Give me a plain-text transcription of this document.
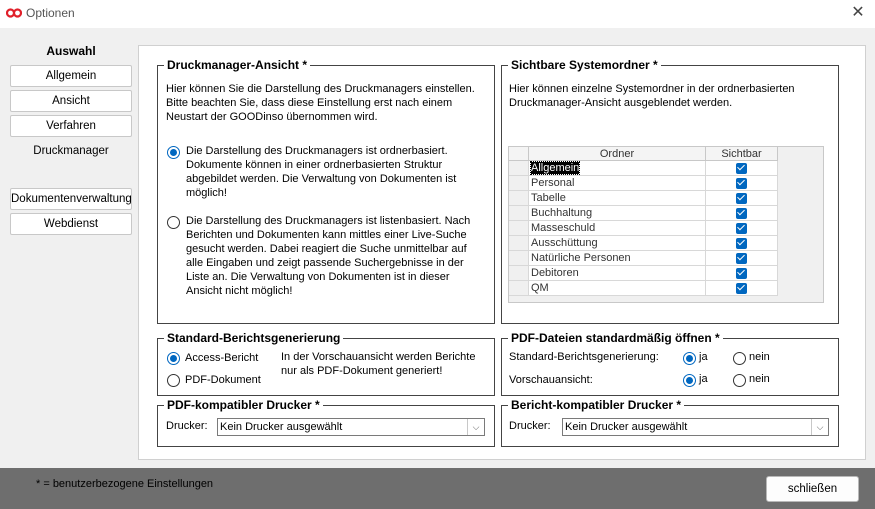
Optionen	✕
Auswahl
Allgemein
Ansicht
Verfahren
Druckmanager
Dokumentenverwaltung
Webdienst
Druckmanager-Ansicht *
Hier können Sie die Darstellung des Druckmanagers einstellen.
Bitte beachten Sie, dass diese Einstellung erst nach einem
Neustart der GOODinso übernommen wird.
Die Darstellung des Druckmanagers ist ordnerbasiert.
Dokumente können in einer ordnerbasierten Struktur
abgebildet werden. Die Verwaltung von Dokumenten ist
möglich!
Die Darstellung des Druckmanagers ist listenbasiert. Nach
Berichten und Dokumenten kann mittles einer Live-Suche
gesucht werden. Dabei reagiert die Suche unmittelbar auf
alle Eingaben und zeigt passende Suchergebnisse in der
Liste an. Die Verwaltung von Dokumenten ist in dieser
Ansicht nicht möglich!
Sichtbare Systemordner *
Hier können einzelne Systemordner in der ordnerbasierten
Druckmanager-Ansicht ausgeblendet werden.
	Ordner	Sichtbar
	Allgemein	
	Personal	
	Tabelle	
	Buchhaltung	
	Masseschuld	
	Ausschüttung	
	Natürliche Personen	
	Debitoren	
	QM	
Standard-Berichtsgenerierung
Access-Bericht
PDF-Dokument
In der Vorschauansicht werden Berichte
nur als PDF-Dokument generiert!
PDF-Dateien standardmäßig öffnen *
Standard-Berichtsgenerierung:	ja	nein
Vorschauansicht:	ja	nein
PDF-kompatibler Drucker *
Drucker: Kein Drucker ausgewählt	⌵
Bericht-kompatibler Drucker *
Drucker: Kein Drucker ausgewählt	⌵
* = benutzerbezogene Einstellungen	schließen
